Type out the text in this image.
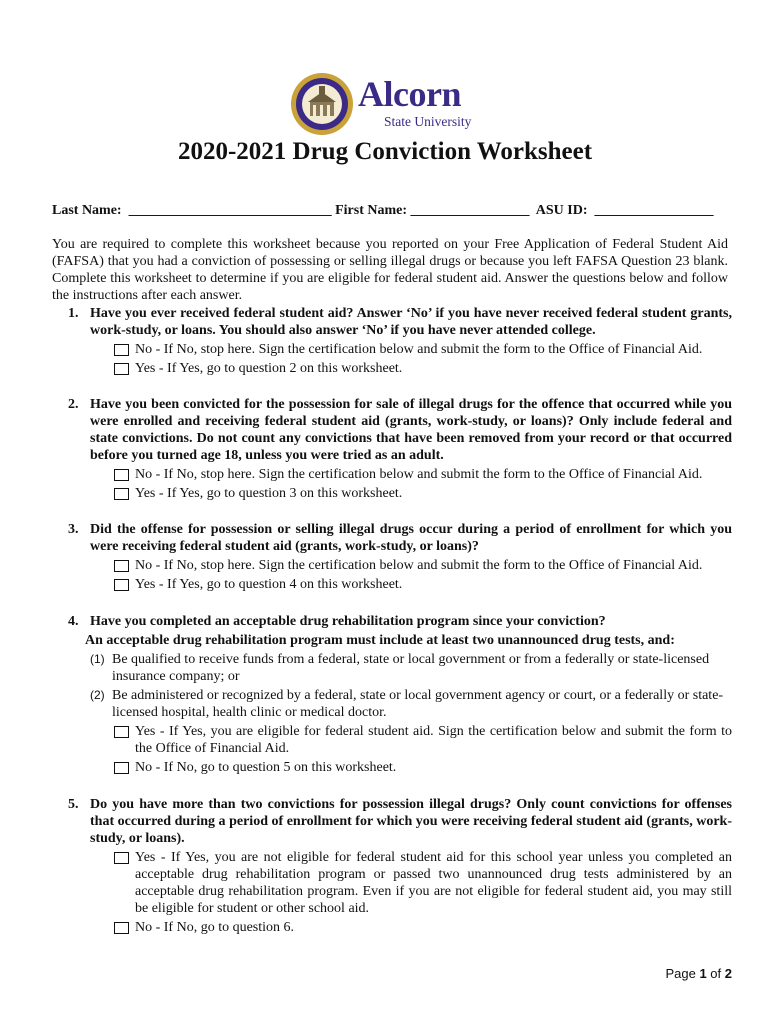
Alcorn
State University
2020-2021 Drug Conviction Worksheet
Last Name: _____________________________ First Name: _________________ ASU ID: _________________
You are required to complete this worksheet because you reported on your Free Application of Federal Student Aid (FAFSA) that you had a conviction of possessing or selling illegal drugs or because you left FAFSA Question 23 blank. Complete this worksheet to determine if you are eligible for federal student aid. Answer the questions below and follow the instructions after each answer.
1. Have you ever received federal student aid? Answer ‘No’ if you have never received federal student grants, work-study, or loans. You should also answer ‘No’ if you have never attended college.
No - If No, stop here. Sign the certification below and submit the form to the Office of Financial Aid.
Yes - If Yes, go to question 2 on this worksheet.
2. Have you been convicted for the possession for sale of illegal drugs for the offence that occurred while you were enrolled and receiving federal student aid (grants, work-study, or loans)? Only include federal and state convictions. Do not count any convictions that have been removed from your record or that occurred before you turned age 18, unless you were tried as an adult.
No - If No, stop here. Sign the certification below and submit the form to the Office of Financial Aid.
Yes - If Yes, go to question 3 on this worksheet.
3. Did the offense for possession or selling illegal drugs occur during a period of enrollment for which you were receiving federal student aid (grants, work-study, or loans)?
No - If No, stop here. Sign the certification below and submit the form to the Office of Financial Aid.
Yes - If Yes, go to question 4 on this worksheet.
4. Have you completed an acceptable drug rehabilitation program since your conviction?
An acceptable drug rehabilitation program must include at least two unannounced drug tests, and:
(1) Be qualified to receive funds from a federal, state or local government or from a federally or state-licensed insurance company; or
(2) Be administered or recognized by a federal, state or local government agency or court, or a federally or state-licensed hospital, health clinic or medical doctor.
Yes - If Yes, you are eligible for federal student aid. Sign the certification below and submit the form to the Office of Financial Aid.
No - If No, go to question 5 on this worksheet.
5. Do you have more than two convictions for possession illegal drugs? Only count convictions for offenses that occurred during a period of enrollment for which you were receiving federal student aid (grants, work-study, or loans).
Yes - If Yes, you are not eligible for federal student aid for this school year unless you completed an acceptable drug rehabilitation program or passed two unannounced drug tests administered by an acceptable drug rehabilitation program. Even if you are not eligible for federal student aid, you may still be eligible for student or other school aid.
No - If No, go to question 6.
Page 1 of 2
